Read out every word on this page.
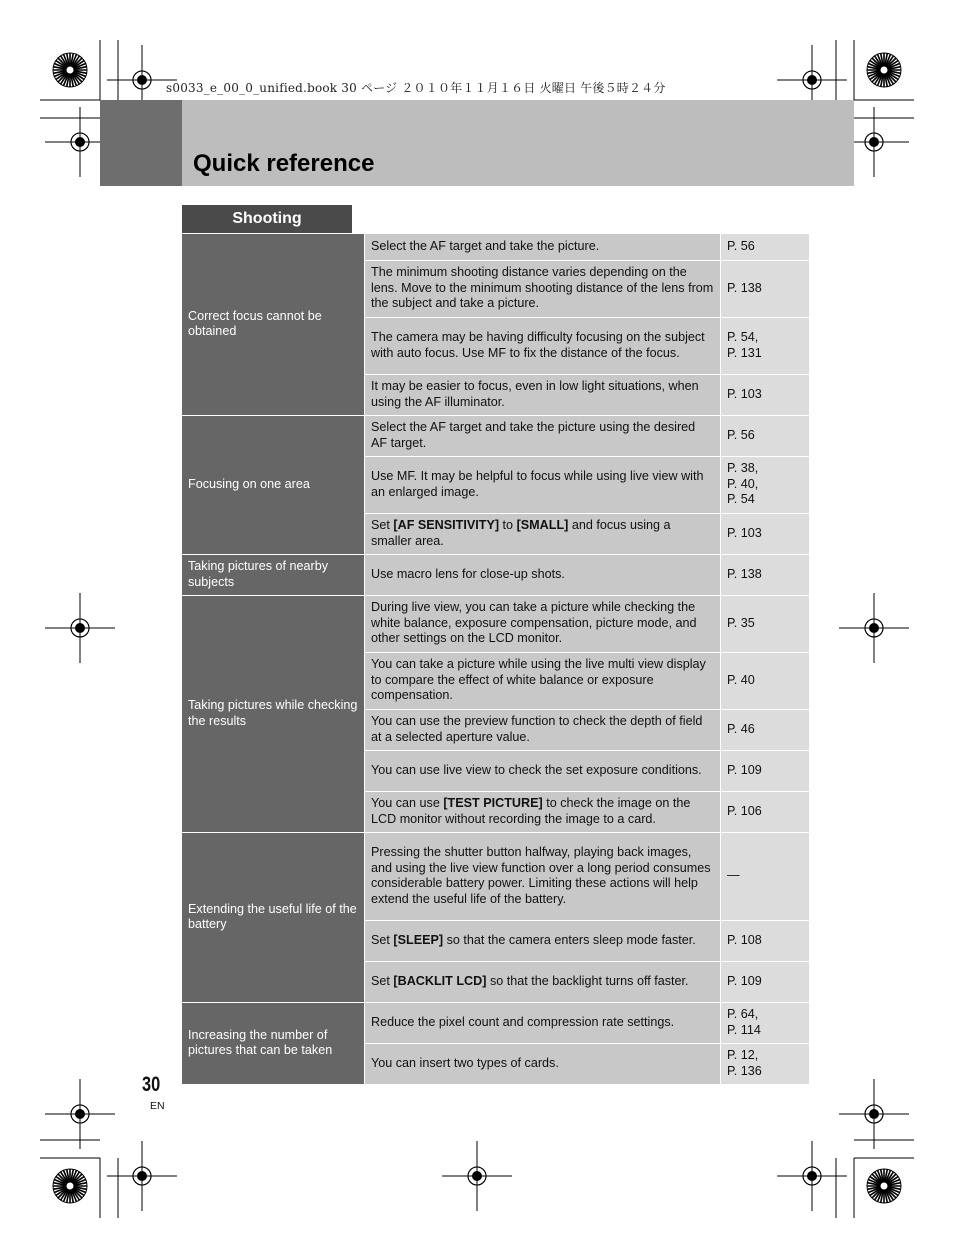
s0033_e_00_0_unified.book 30 ページ ２０１０年１１月１６日 火曜日 午後５時２４分
Quick reference
Shooting
Correct focus cannot be obtained	Select the AF target and take the picture.	P. 56

	The minimum shooting distance varies depending on the lens. Move to the minimum shooting distance of the lens from the subject and take a picture.	P. 138

	The camera may be having difficulty focusing on the subject with auto focus. Use MF to fix the distance of the focus.	P. 54,
P. 131

	It may be easier to focus, even in low light situations, when using the AF illuminator.	P. 103

Focusing on one area	Select the AF target and take the picture using the desired AF target.	P. 56

	Use MF. It may be helpful to focus while using live view with an enlarged image.	P. 38,
P. 40,
P. 54

	Set [AF SENSITIVITY] to [SMALL] and focus using a smaller area.	P. 103

Taking pictures of nearby subjects	Use macro lens for close-up shots.	P. 138

Taking pictures while checking the results	During live view, you can take a picture while checking the white balance, exposure compensation, picture mode, and other settings on the LCD monitor.	P. 35

	You can take a picture while using the live multi view display to compare the effect of white balance or exposure compensation.	P. 40

	You can use the preview function to check the depth of field at a selected aperture value.	P. 46

	You can use live view to check the set exposure conditions.	P. 109

	You can use [TEST PICTURE] to check the image on the LCD monitor without recording the image to a card.	P. 106

Extending the useful life of the battery	Pressing the shutter button halfway, playing back images, and using the live view function over a long period consumes considerable battery power. Limiting these actions will help extend the useful life of the battery.	—

	Set [SLEEP] so that the camera enters sleep mode faster.	P. 108

	Set [BACKLIT LCD] so that the backlight turns off faster.	P. 109

Increasing the number of pictures that can be taken	Reduce the pixel count and compression rate settings.	P. 64,
P. 114

	You can insert two types of cards.	P. 12,
P. 136
30
EN
